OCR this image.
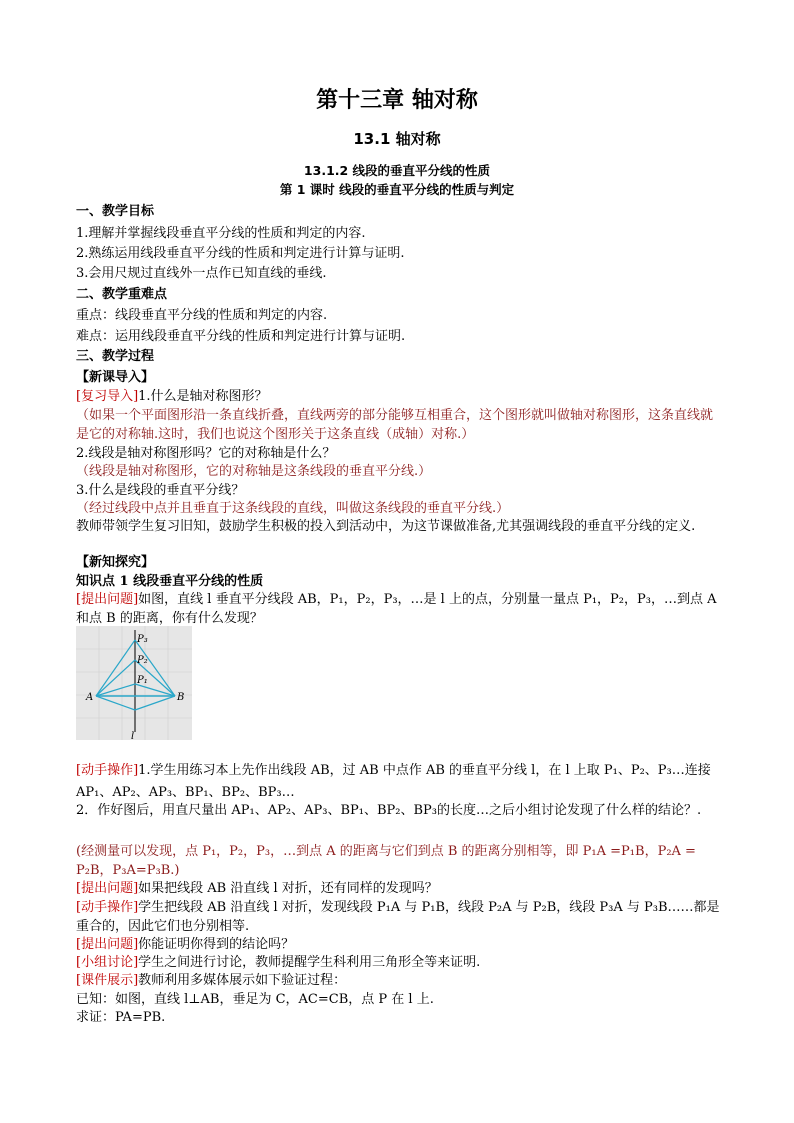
第十三章 轴对称
13.1 轴对称
13.1.2 线段的垂直平分线的性质
第 1 课时 线段的垂直平分线的性质与判定
一、教学目标
1.理解并掌握线段垂直平分线的性质和判定的内容.
2.熟练运用线段垂直平分线的性质和判定进行计算与证明.
3.会用尺规过直线外一点作已知直线的垂线.
二、教学重难点
重点：线段垂直平分线的性质和判定的内容.
难点：运用线段垂直平分线的性质和判定进行计算与证明.
三、教学过程
【新课导入】
[复习导入]1.什么是轴对称图形？
（如果一个平面图形沿一条直线折叠，直线两旁的部分能够互相重合，这个图形就叫做轴对称图形，这条直线就是它的对称轴.这时，我们也说这个图形关于这条直线（成轴）对称.）
2.线段是轴对称图形吗？它的对称轴是什么？
（线段是轴对称图形，它的对称轴是这条线段的垂直平分线.）
3.什么是线段的垂直平分线？
（经过线段中点并且垂直于这条线段的直线，叫做这条线段的垂直平分线.）
教师带领学生复习旧知，鼓励学生积极的投入到活动中，为这节课做准备,尤其强调线段的垂直平分线的定义.
【新知探究】
知识点 1 线段垂直平分线的性质
[提出问题]如图，直线 l 垂直平分线段 AB，P₁，P₂，P₃，…是 l 上的点，分别量一量点 P₁，P₂，P₃，…到点 A和点 B 的距离，你有什么发现？
P₃
P₂
P₁
A	B
l
[动手操作]1.学生用练习本上先作出线段 AB，过 AB 中点作 AB 的垂直平分线 l，在 l 上取 P₁、P₂、P₃…连接 AP₁、AP₂、AP₃、BP₁、BP₂、BP₃…
2．作好图后，用直尺量出 AP₁、AP₂、AP₃、BP₁、BP₂、BP₃的长度…之后小组讨论发现了什么样的结论？.
(经测量可以发现，点 P₁，P₂，P₃，…到点 A 的距离与它们到点 B 的距离分别相等，即 P₁A =P₁B，P₂A = P₂B，P₃A=P₃B.)
[提出问题]如果把线段 AB 沿直线 l 对折，还有同样的发现吗？
[动手操作]学生把线段 AB 沿直线 l 对折，发现线段 P₁A 与 P₁B，线段 P₂A 与 P₂B，线段 P₃A 与 P₃B……都是重合的，因此它们也分别相等.
[提出问题]你能证明你得到的结论吗？
[小组讨论]学生之间进行讨论，教师提醒学生科利用三角形全等来证明.
[课件展示]教师利用多媒体展示如下验证过程：
已知：如图，直线 l⊥AB，垂足为 C，AC=CB，点 P 在 l 上.
求证：PA=PB.
